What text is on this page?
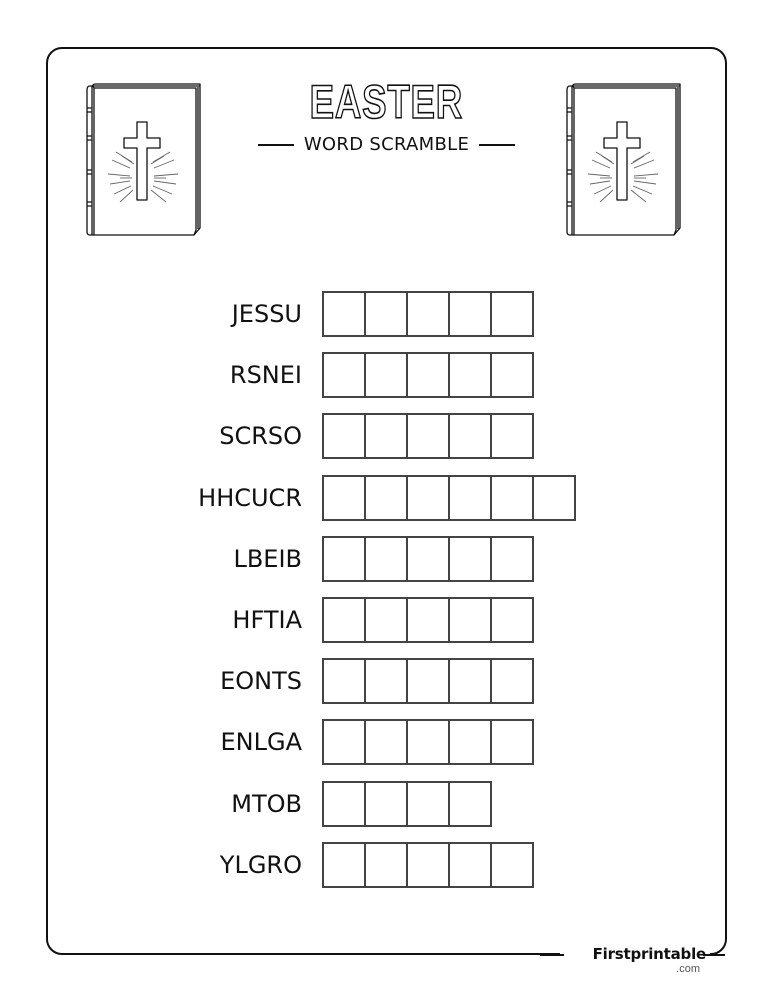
Firstprintable
.com
EASTER
WORD SCRAMBLE
JESSU
RSNEI
SCRSO
HHCUCR
LBEIB
HFTIA
EONTS
ENLGA
MTOB
YLGRO
